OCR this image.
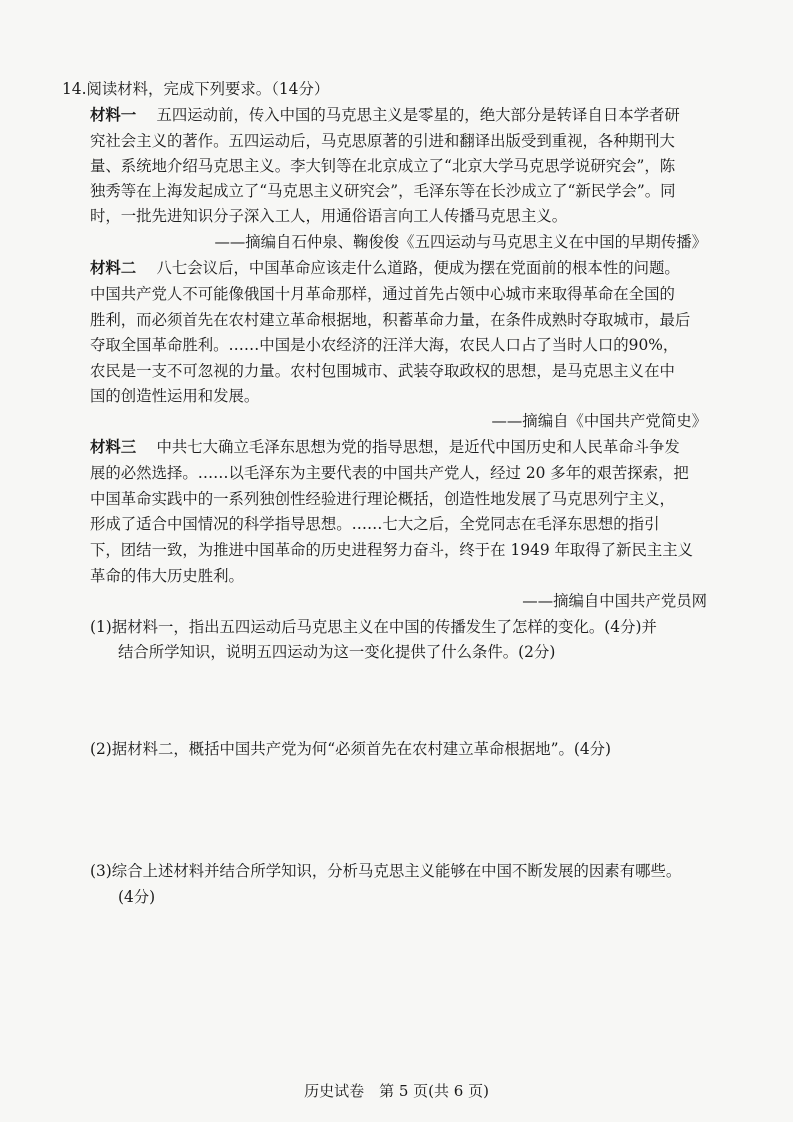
14.阅读材料，完成下列要求。（14分）
材料一　 五四运动前，传入中国的马克思主义是零星的，绝大部分是转译自日本学者研
究社会主义的著作。五四运动后，马克思原著的引进和翻译出版受到重视，各种期刊大
量、系统地介绍马克思主义。李大钊等在北京成立了“北京大学马克思学说研究会”，陈
独秀等在上海发起成立了“马克思主义研究会”，毛泽东等在长沙成立了“新民学会”。同
时，一批先进知识分子深入工人，用通俗语言向工人传播马克思主义。
——摘编自石仲泉、鞠俊俊《五四运动与马克思主义在中国的早期传播》
材料二　 八七会议后，中国革命应该走什么道路，便成为摆在党面前的根本性的问题。
中国共产党人不可能像俄国十月革命那样，通过首先占领中心城市来取得革命在全国的
胜利，而必须首先在农村建立革命根据地，积蓄革命力量，在条件成熟时夺取城市，最后
夺取全国革命胜利。……中国是小农经济的汪洋大海，农民人口占了当时人口的90%，
农民是一支不可忽视的力量。农村包围城市、武装夺取政权的思想，是马克思主义在中
国的创造性运用和发展。
——摘编自《中国共产党简史》
材料三　 中共七大确立毛泽东思想为党的指导思想，是近代中国历史和人民革命斗争发
展的必然选择。……以毛泽东为主要代表的中国共产党人，经过 20 多年的艰苦探索，把
中国革命实践中的一系列独创性经验进行理论概括，创造性地发展了马克思列宁主义，
形成了适合中国情况的科学指导思想。……七大之后，全党同志在毛泽东思想的指引
下，团结一致，为推进中国革命的历史进程努力奋斗，终于在 1949 年取得了新民主主义
革命的伟大历史胜利。
——摘编自中国共产党员网
(1)据材料一，指出五四运动后马克思主义在中国的传播发生了怎样的变化。(4分)并
结合所学知识，说明五四运动为这一变化提供了什么条件。(2分)
(2)据材料二，概括中国共产党为何“必须首先在农村建立革命根据地”。(4分)
(3)综合上述材料并结合所学知识，分析马克思主义能够在中国不断发展的因素有哪些。
(4分)
历史试卷　第 5 页(共 6 页)
